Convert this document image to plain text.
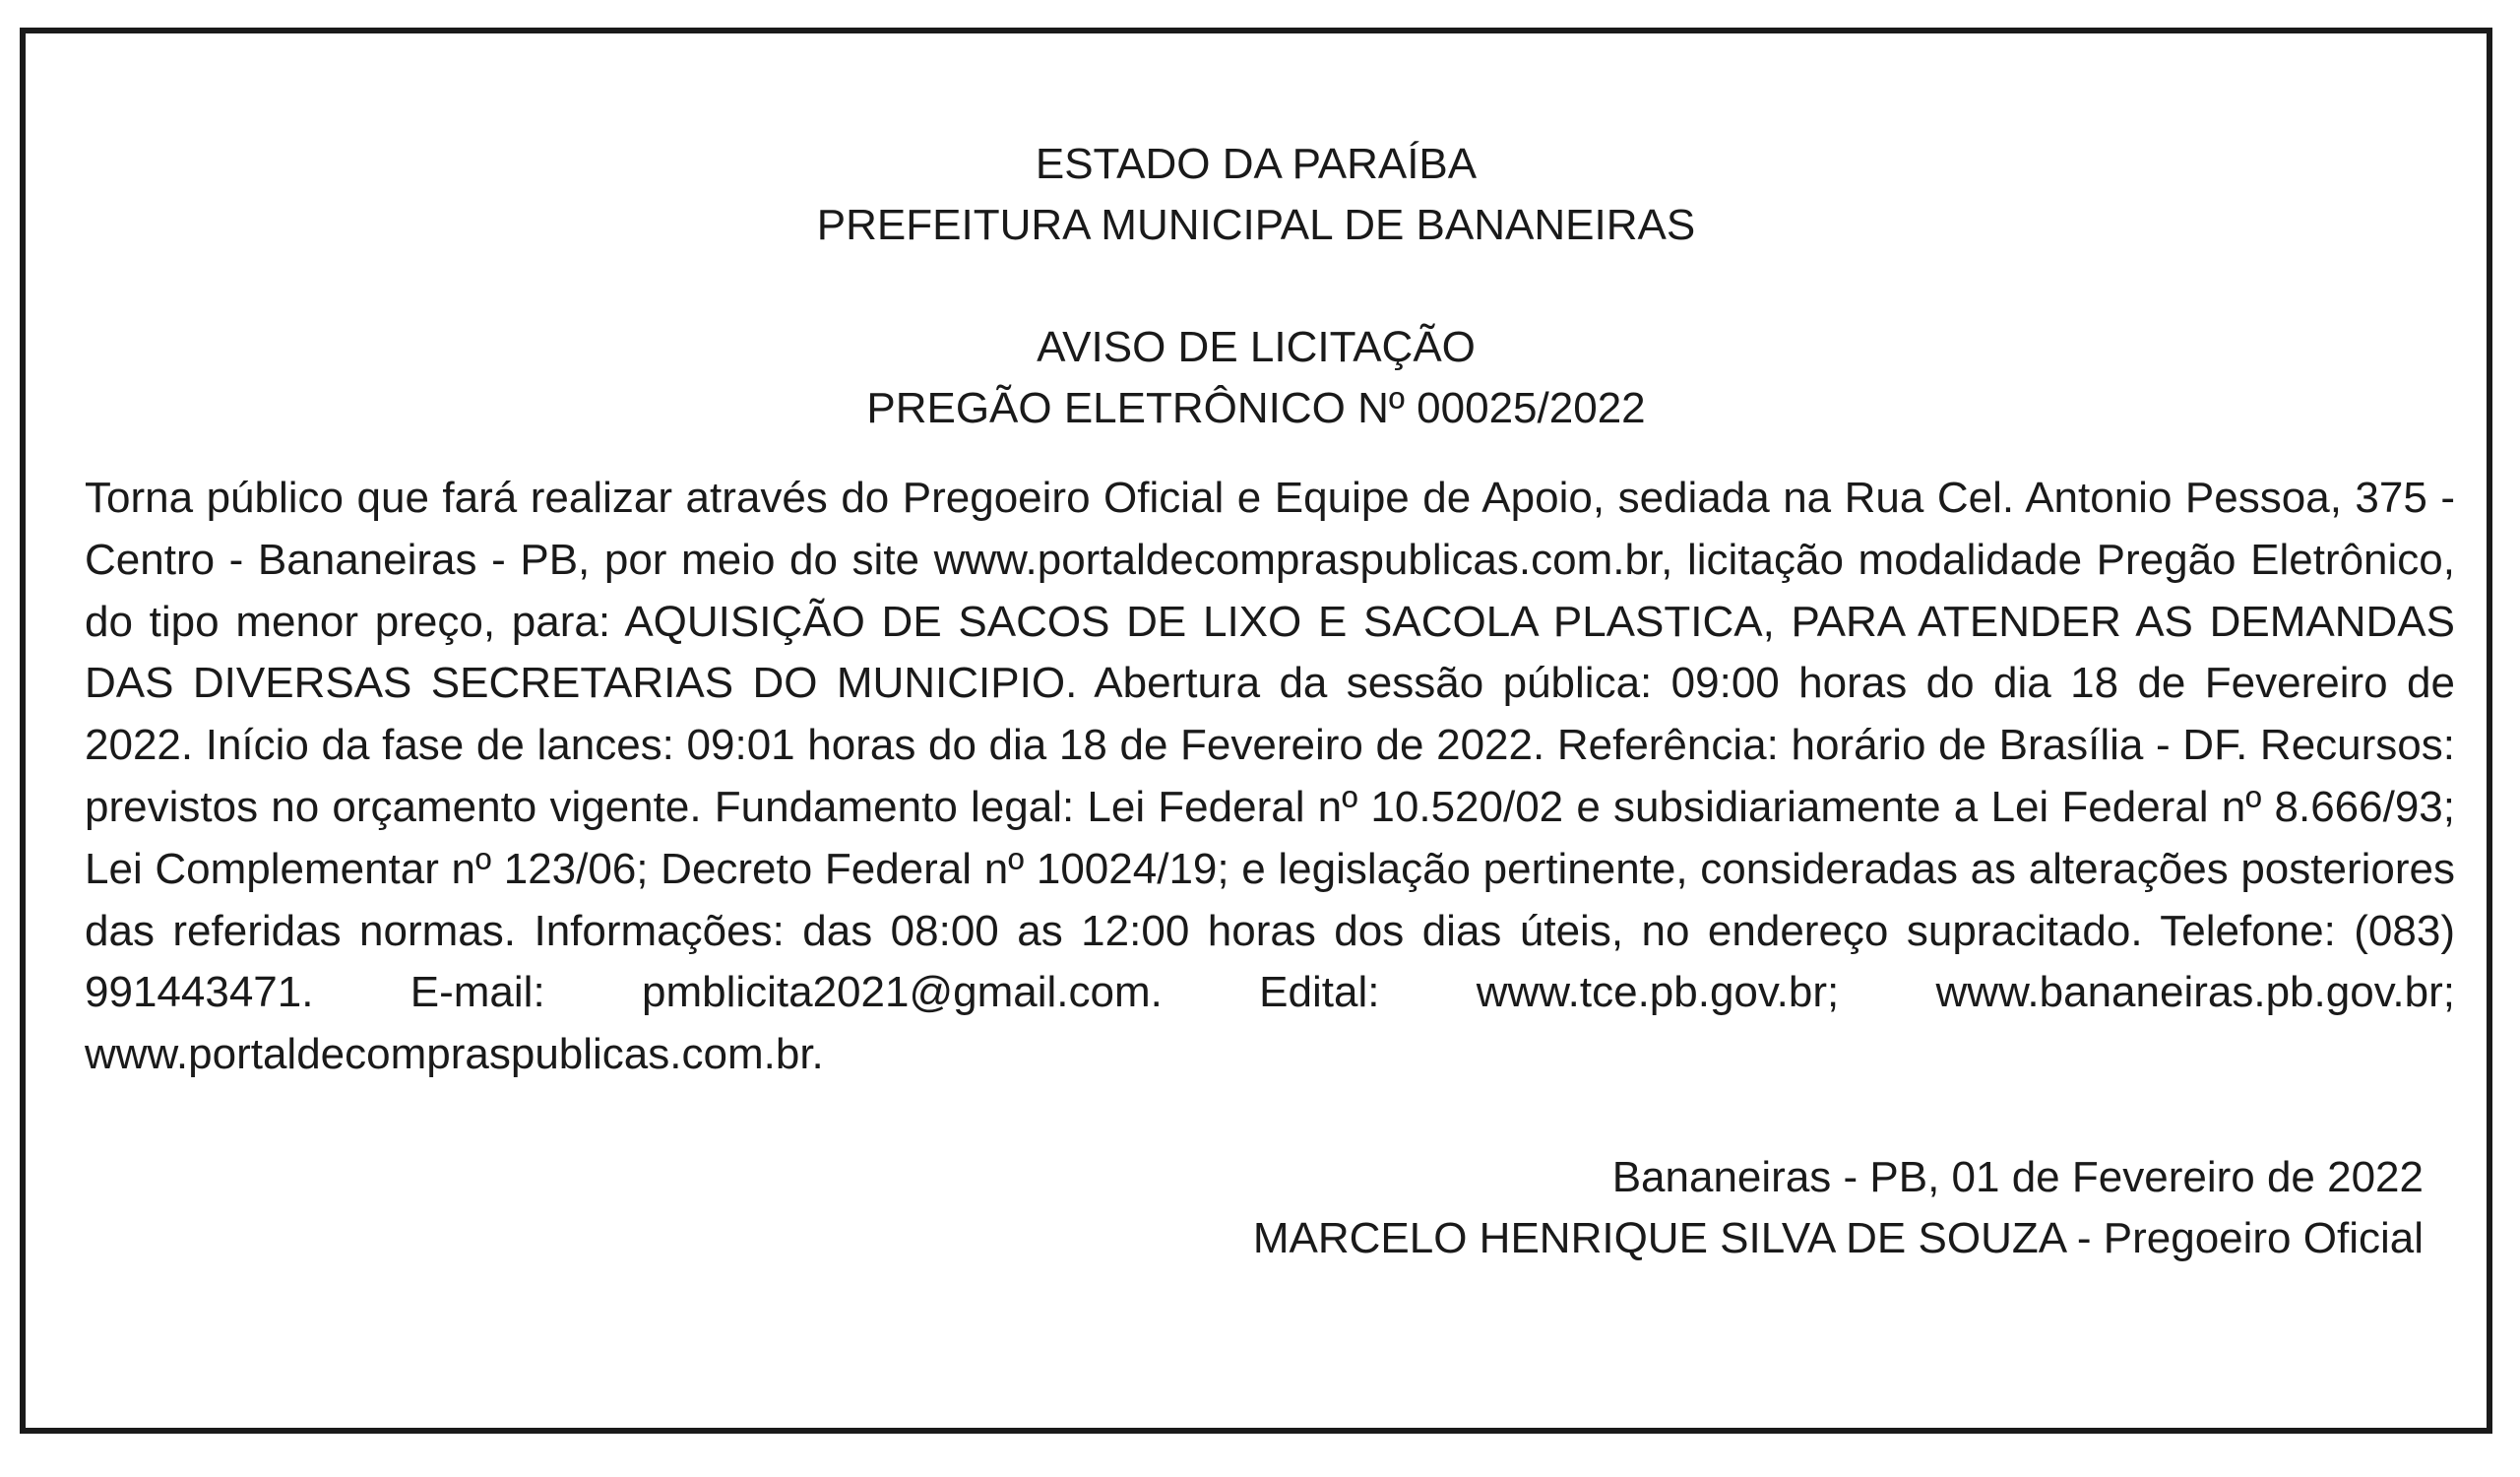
ESTADO DA PARAÍBA
PREFEITURA MUNICIPAL DE BANANEIRAS
AVISO DE LICITAÇÃO
PREGÃO ELETRÔNICO Nº 00025/2022

Torna público que fará realizar através do Pregoeiro Oficial e Equipe de Apoio, sediada na Rua Cel. Antonio Pessoa, 375 - Centro - Bananeiras - PB, por meio do site www.portaldecompraspublicas.com.br, licitação modalidade Pregão Eletrônico, do tipo menor preço, para: AQUISIÇÃO DE SACOS DE LIXO E SACOLA PLASTICA, PARA ATENDER AS DEMANDAS DAS DIVERSAS SECRETARIAS DO MUNICIPIO. Abertura da sessão pública: 09:00 horas do dia 18 de Fevereiro de 2022. Início da fase de lances: 09:01 horas do dia 18 de Fevereiro de 2022. Referência: horário de Brasília - DF. Recursos: previstos no orçamento vigente. Fundamento legal: Lei Federal nº 10.520/02 e subsidiariamente a Lei Federal nº 8.666/93; Lei Complementar nº 123/06; Decreto Federal nº 10024/19; e legislação pertinente, consideradas as alterações posteriores das referidas normas. Informações: das 08:00 as 12:00 horas dos dias úteis, no endereço supracitado. Telefone: (083) 991443471. E-mail: pmblicita2021@gmail.com. Edital: www.tce.pb.gov.br; www.bananeiras.pb.gov.br; www.portaldecompraspublicas.com.br.

Bananeiras - PB, 01 de Fevereiro de 2022
MARCELO HENRIQUE SILVA DE SOUZA - Pregoeiro Oficial
